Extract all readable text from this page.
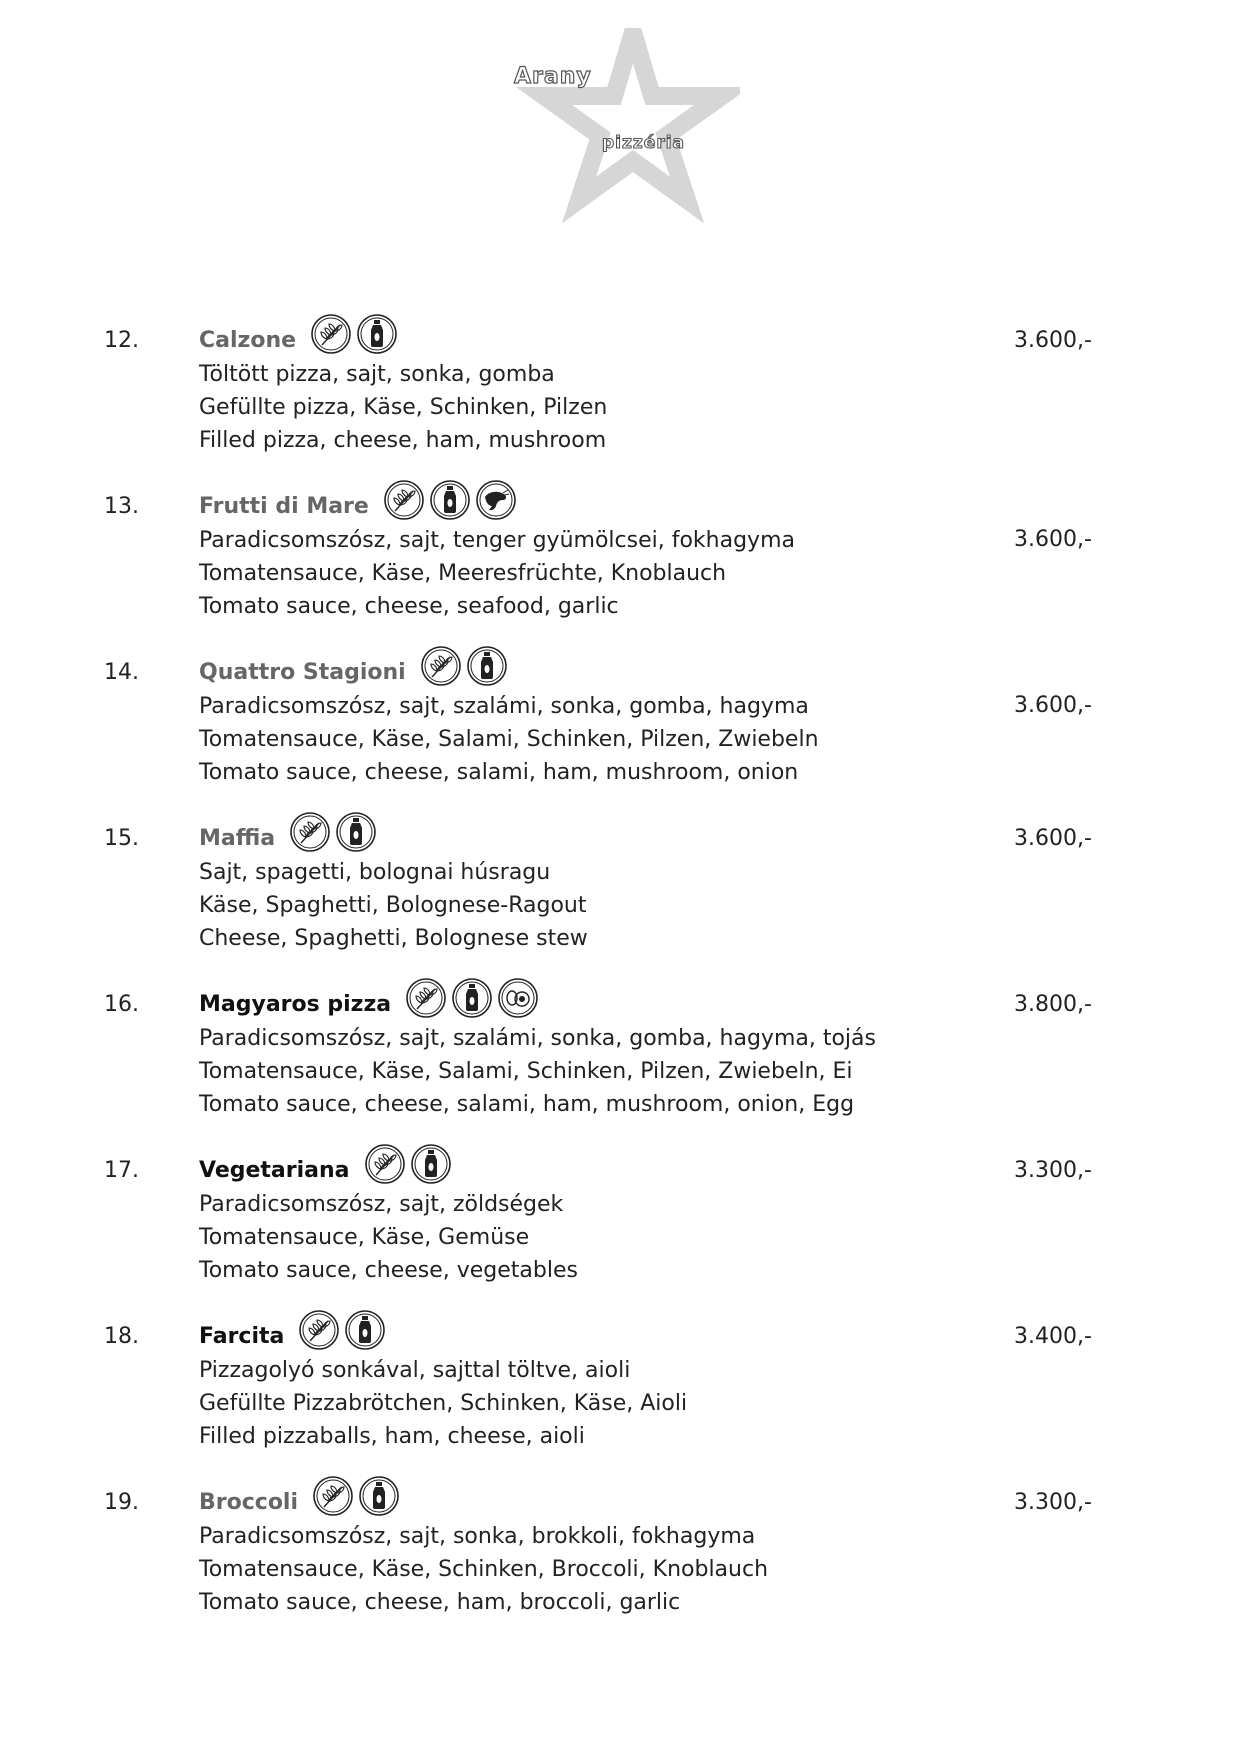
Arany
pizzéria
12.	Calzone
Töltött pizza, sajt, sonka, gomba
Gefüllte pizza, Käse, Schinken, Pilzen
Filled pizza, cheese, ham, mushroom
3.600,-
13.	Frutti di Mare
Paradicsomszósz, sajt, tenger gyümölcsei, fokhagyma
Tomatensauce, Käse, Meeresfrüchte, Knoblauch
Tomato sauce, cheese, seafood, garlic
3.600,-
14.	Quattro Stagioni
Paradicsomszósz, sajt, szalámi, sonka, gomba, hagyma
Tomatensauce, Käse, Salami, Schinken, Pilzen, Zwiebeln
Tomato sauce, cheese, salami, ham, mushroom, onion
3.600,-
15.	Maffia
Sajt, spagetti, bolognai húsragu
Käse, Spaghetti, Bolognese-Ragout
Cheese, Spaghetti, Bolognese stew
3.600,-
16.	Magyaros pizza
Paradicsomszósz, sajt, szalámi, sonka, gomba, hagyma, tojás
Tomatensauce, Käse, Salami, Schinken, Pilzen, Zwiebeln, Ei
Tomato sauce, cheese, salami, ham, mushroom, onion, Egg
3.800,-
17.	Vegetariana
Paradicsomszósz, sajt, zöldségek
Tomatensauce, Käse, Gemüse
Tomato sauce, cheese, vegetables
3.300,-
18.	Farcita
Pizzagolyó sonkával, sajttal töltve, aioli
Gefüllte Pizzabrötchen, Schinken, Käse, Aioli
Filled pizzaballs, ham, cheese, aioli
3.400,-
19.	Broccoli
Paradicsomszósz, sajt, sonka, brokkoli, fokhagyma
Tomatensauce, Käse, Schinken, Broccoli, Knoblauch
Tomato sauce, cheese, ham, broccoli, garlic
3.300,-
